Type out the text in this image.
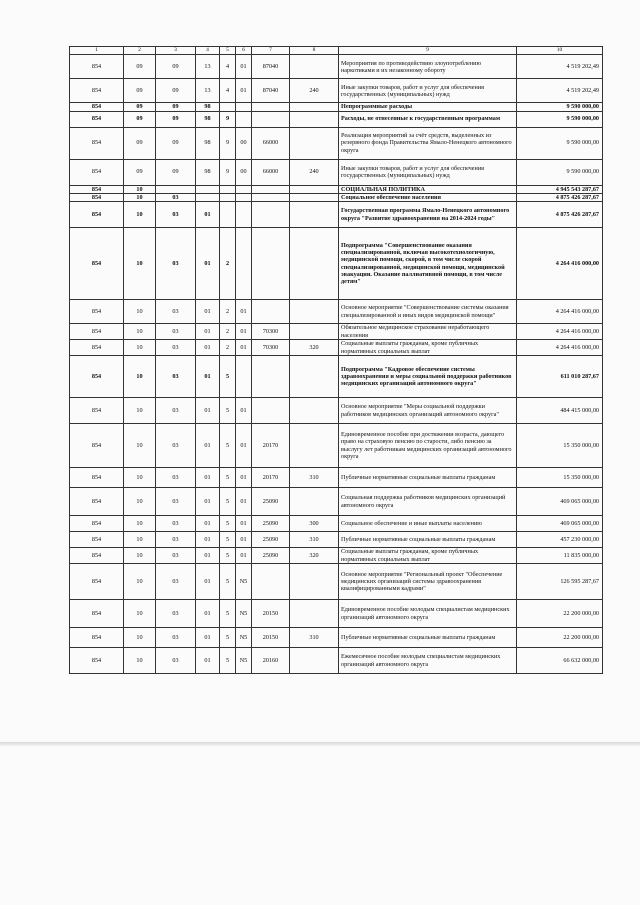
1	2	3	4	5	6	7	8	9	10
854	09	09	13	4	01	87040		Мероприятия по противодействию злоупотреблению наркотиками и их незаконному обороту	4 519 202,49
854	09	09	13	4	01	87040	240	Иные закупки товаров, работ и услуг для обеспечения государственных (муниципальных) нужд	4 519 202,49
854	09	09	98					Непрограммные расходы	9 590 000,00
854	09	09	98	9				Расходы, не отнесенные к государственным программам	9 590 000,00
854	09	09	98	9	00	66000		Реализация мероприятий за счёт средств, выделенных из резервного фонда Правительства Ямало-Ненецкого автономного округа	9 590 000,00
854	09	09	98	9	00	66000	240	Иные закупки товаров, работ и услуг для обеспечения государственных (муниципальных) нужд	9 590 000,00
854	10							СОЦИАЛЬНАЯ ПОЛИТИКА	4 945 543 287,67
854	10	03						Социальное обеспечение населения	4 875 426 287,67
854	10	03	01					Государственная программа Ямало-Ненецкого автономного округа "Развитие здравоохранения на 2014-2024 годы"	4 875 426 287,67
854	10	03	01	2				Подпрограмма "Совершенствование оказания специализированной, включая высокотехнологичную, медицинской помощи, скорой, в том числе скорой специализированной, медицинской помощи, медицинской эвакуации. Оказание паллиативной помощи, в том числе детям"	4 264 416 000,00
854	10	03	01	2	01			Основное мероприятие "Совершенствование системы оказания специализированной и иных видов медицинской помощи"	4 264 416 000,00
854	10	03	01	2	01	70300		Обязательное медицинское страхование неработающего населения	4 264 416 000,00
854	10	03	01	2	01	70300	320	Социальные выплаты гражданам, кроме публичных нормативных социальных выплат	4 264 416 000,00
854	10	03	01	5				Подпрограмма "Кадровое обеспечение системы здравоохранения и меры социальной поддержки работников медицинских организаций автономного округа"	611 010 287,67
854	10	03	01	5	01			Основное мероприятие "Меры социальной поддержки работников медицинских организаций автономного округа"	484 415 000,00
854	10	03	01	5	01	20170		Единовременное пособие при достижении возраста, дающего право на страховую пенсию по старости, либо пенсию за выслугу лет работникам медицинских организаций автономного округа	15 350 000,00
854	10	03	01	5	01	20170	310	Публичные нормативные социальные выплаты гражданам	15 350 000,00
854	10	03	01	5	01	25090		Социальная поддержка работников медицинских организаций автономного округа	469 065 000,00
854	10	03	01	5	01	25090	300	Социальное обеспечение и иные выплаты населению	469 065 000,00
854	10	03	01	5	01	25090	310	Публичные нормативные социальные выплаты гражданам	457 230 000,00
854	10	03	01	5	01	25090	320	Социальные выплаты гражданам, кроме публичных нормативных социальных выплат	11 835 000,00
854	10	03	01	5	N5			Основное мероприятие "Региональный проект "Обеспечение медицинских организаций системы здравоохранения квалифицированными кадрами"	126 595 287,67
854	10	03	01	5	N5	20150		Единовременное пособие молодым специалистам медицинских организаций автономного округа	22 200 000,00
854	10	03	01	5	N5	20150	310	Публичные нормативные социальные выплаты гражданам	22 200 000,00
854	10	03	01	5	N5	20160		Ежемесячное пособие молодым специалистам медицинских организаций автономного округа	66 632 000,00
